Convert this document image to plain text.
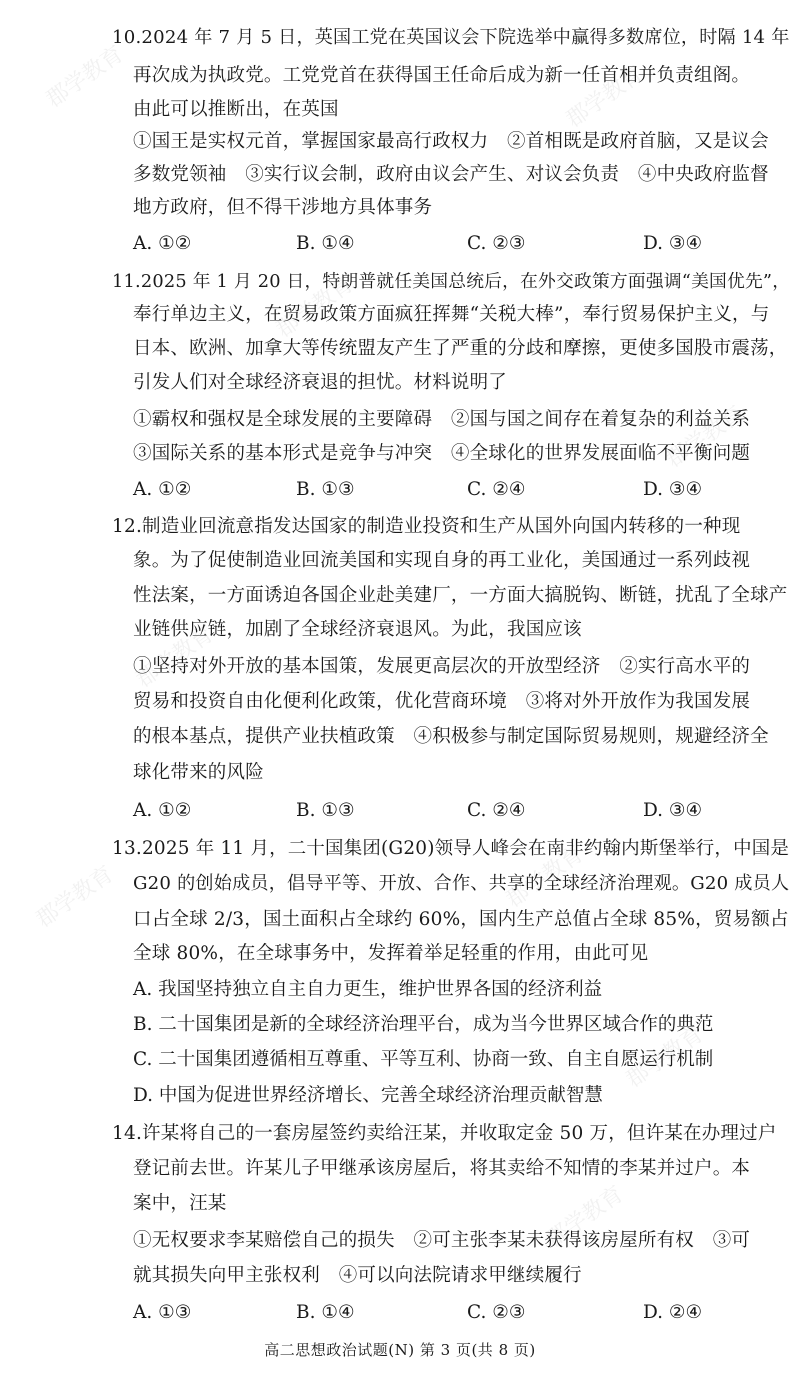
郡学教育	郡学教育
郡学教育
郡学教育
郡学教育
郡学教育	郡学教育
郡学教育
郡学教育
10.2024 年 7 月 5 日，英国工党在英国议会下院选举中赢得多数席位，时隔 14 年
再次成为执政党。工党党首在获得国王任命后成为新一任首相并负责组阁。
由此可以推断出，在英国
①国王是实权元首，掌握国家最高行政权力　②首相既是政府首脑，又是议会
多数党领袖　③实行议会制，政府由议会产生、对议会负责　④中央政府监督
地方政府，但不得干涉地方具体事务
A. ①②	B. ①④	C. ②③	D. ③④
11.2025 年 1 月 20 日，特朗普就任美国总统后，在外交政策方面强调“美国优先”，
奉行单边主义，在贸易政策方面疯狂挥舞“关税大棒”，奉行贸易保护主义，与
日本、欧洲、加拿大等传统盟友产生了严重的分歧和摩擦，更使多国股市震荡，
引发人们对全球经济衰退的担忧。材料说明了
①霸权和强权是全球发展的主要障碍　②国与国之间存在着复杂的利益关系
③国际关系的基本形式是竞争与冲突　④全球化的世界发展面临不平衡问题
A. ①②	B. ①③	C. ②④	D. ③④
12.制造业回流意指发达国家的制造业投资和生产从国外向国内转移的一种现
象。为了促使制造业回流美国和实现自身的再工业化，美国通过一系列歧视
性法案，一方面诱迫各国企业赴美建厂，一方面大搞脱钩、断链，扰乱了全球产
业链供应链，加剧了全球经济衰退风。为此，我国应该
①坚持对外开放的基本国策，发展更高层次的开放型经济　②实行高水平的
贸易和投资自由化便利化政策，优化营商环境　③将对外开放作为我国发展
的根本基点，提供产业扶植政策　④积极参与制定国际贸易规则，规避经济全
球化带来的风险
A. ①②	B. ①③	C. ②④	D. ③④
13.2025 年 11 月，二十国集团(G20)领导人峰会在南非约翰内斯堡举行，中国是
G20 的创始成员，倡导平等、开放、合作、共享的全球经济治理观。G20 成员人
口占全球 2/3，国土面积占全球约 60%，国内生产总值占全球 85%，贸易额占
全球 80%，在全球事务中，发挥着举足轻重的作用，由此可见
A. 我国坚持独立自主自力更生，维护世界各国的经济利益
B. 二十国集团是新的全球经济治理平台，成为当今世界区域合作的典范
C. 二十国集团遵循相互尊重、平等互利、协商一致、自主自愿运行机制
D. 中国为促进世界经济增长、完善全球经济治理贡献智慧
14.许某将自己的一套房屋签约卖给汪某，并收取定金 50 万，但许某在办理过户
登记前去世。许某儿子甲继承该房屋后，将其卖给不知情的李某并过户。本
案中，汪某
①无权要求李某赔偿自己的损失　②可主张李某未获得该房屋所有权　③可
就其损失向甲主张权利　④可以向法院请求甲继续履行
A. ①③	B. ①④	C. ②③	D. ②④
高二思想政治试题(N) 第 3 页(共 8 页)
